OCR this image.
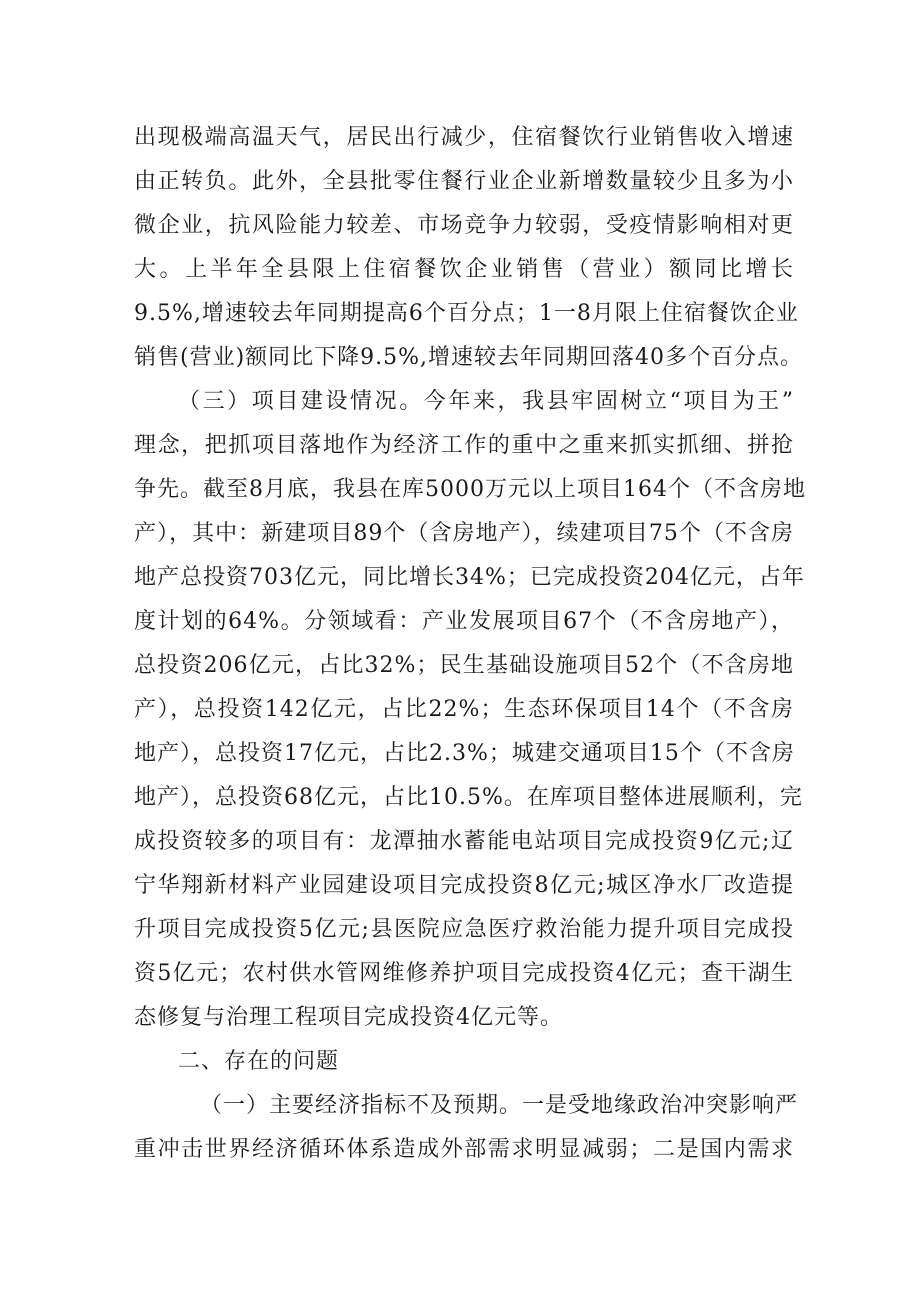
出现极端高温天气，居民出行减少，住宿餐饮行业销售收入增速
由正转负。此外，全县批零住餐行业企业新增数量较少且多为小
微企业，抗风险能力较差、市场竞争力较弱，受疫情影响相对更
大。上半年全县限上住宿餐饮企业销售（营业）额同比增长
9.5%,增速较去年同期提高6个百分点；1一8月限上住宿餐饮企业
销售(营业)额同比下降9.5%,增速较去年同期回落40多个百分点。
（三）项目建设情况。今年来，我县牢固树立“项目为王”
理念，把抓项目落地作为经济工作的重中之重来抓实抓细、拼抢
争先。截至8月底，我县在库5000万元以上项目164个（不含房地
产），其中：新建项目89个（含房地产），续建项目75个（不含房
地产总投资703亿元，同比增长34%；已完成投资204亿元，占年
度计划的64%。分领域看：产业发展项目67个（不含房地产），
总投资206亿元，占比32%；民生基础设施项目52个（不含房地
产），总投资142亿元，占比22%；生态环保项目14个（不含房
地产），总投资17亿元，占比2.3%；城建交通项目15个（不含房
地产），总投资68亿元，占比10.5%。在库项目整体进展顺利，完
成投资较多的项目有：龙潭抽水蓄能电站项目完成投资9亿元;辽
宁华翔新材料产业园建设项目完成投资8亿元;城区净水厂改造提
升项目完成投资5亿元;县医院应急医疗救治能力提升项目完成投
资5亿元；农村供水管网维修养护项目完成投资4亿元；查干湖生
态修复与治理工程项目完成投资4亿元等。
二、存在的问题
（一）主要经济指标不及预期。一是受地缘政治冲突影响严
重冲击世界经济循环体系造成外部需求明显减弱；二是国内需求
